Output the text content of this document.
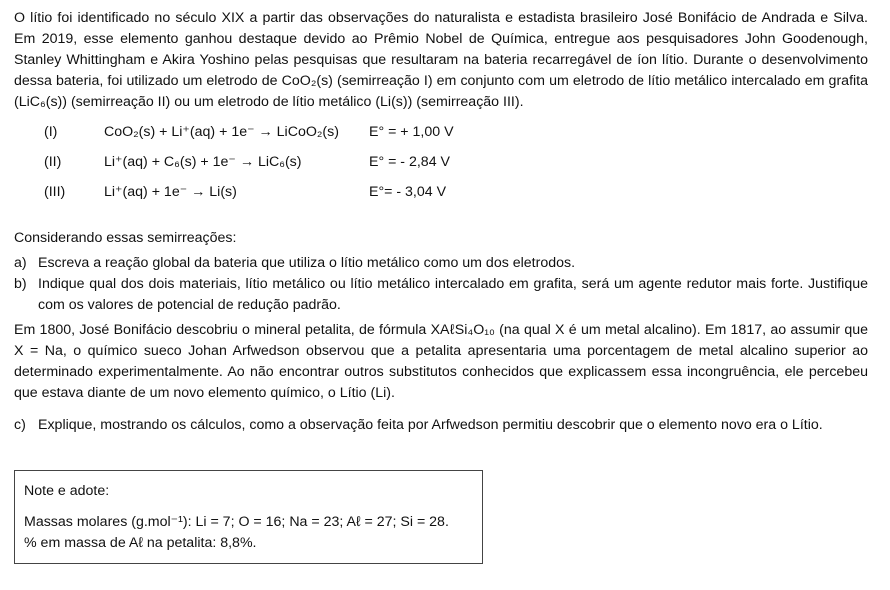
O lítio foi identificado no século XIX a partir das observações do naturalista e estadista brasileiro José Bonifácio de Andrada e Silva. Em 2019, esse elemento ganhou destaque devido ao Prêmio Nobel de Química, entregue aos pesquisadores John Goodenough, Stanley Whittingham e Akira Yoshino pelas pesquisas que resultaram na bateria recarregável de íon lítio. Durante o desenvolvimento dessa bateria, foi utilizado um eletrodo de CoO₂(s) (semirreação I) em conjunto com um eletrodo de lítio metálico intercalado em grafita (LiC₆(s)) (semirreação II) ou um eletrodo de lítio metálico (Li(s)) (semirreação III).

(I)	CoO₂(s) + Li⁺(aq) + 1e⁻ → LiCoO₂(s) E° = + 1,00 V
(II)	Li⁺(aq) + C₆(s) + 1e⁻ → LiC₆(s)	E° = - 2,84 V
(III)	Li⁺(aq) + 1e⁻ → Li(s)	E°= - 3,04 V

Considerando essas semirreações:

a) Escreva a reação global da bateria que utiliza o lítio metálico como um dos eletrodos.
b) Indique qual dos dois materiais, lítio metálico ou lítio metálico intercalado em grafita, será um agente redutor mais forte. Justifique com os valores de potencial de redução padrão.

Em 1800, José Bonifácio descobriu o mineral petalita, de fórmula XAℓSi₄O₁₀ (na qual X é um metal alcalino). Em 1817, ao assumir que X = Na, o químico sueco Johan Arfwedson observou que a petalita apresentaria uma porcentagem de metal alcalino superior ao determinado experimentalmente. Ao não encontrar outros substitutos conhecidos que explicassem essa incongruência, ele percebeu que estava diante de um novo elemento químico, o Lítio (Li).

c) Explique, mostrando os cálculos, como a observação feita por Arfwedson permitiu descobrir que o elemento novo era o Lítio.

Note e adote:

Massas molares (g.mol⁻¹): Li = 7; O = 16; Na = 23; Aℓ = 27; Si = 28.

% em massa de Aℓ na petalita: 8,8%.
